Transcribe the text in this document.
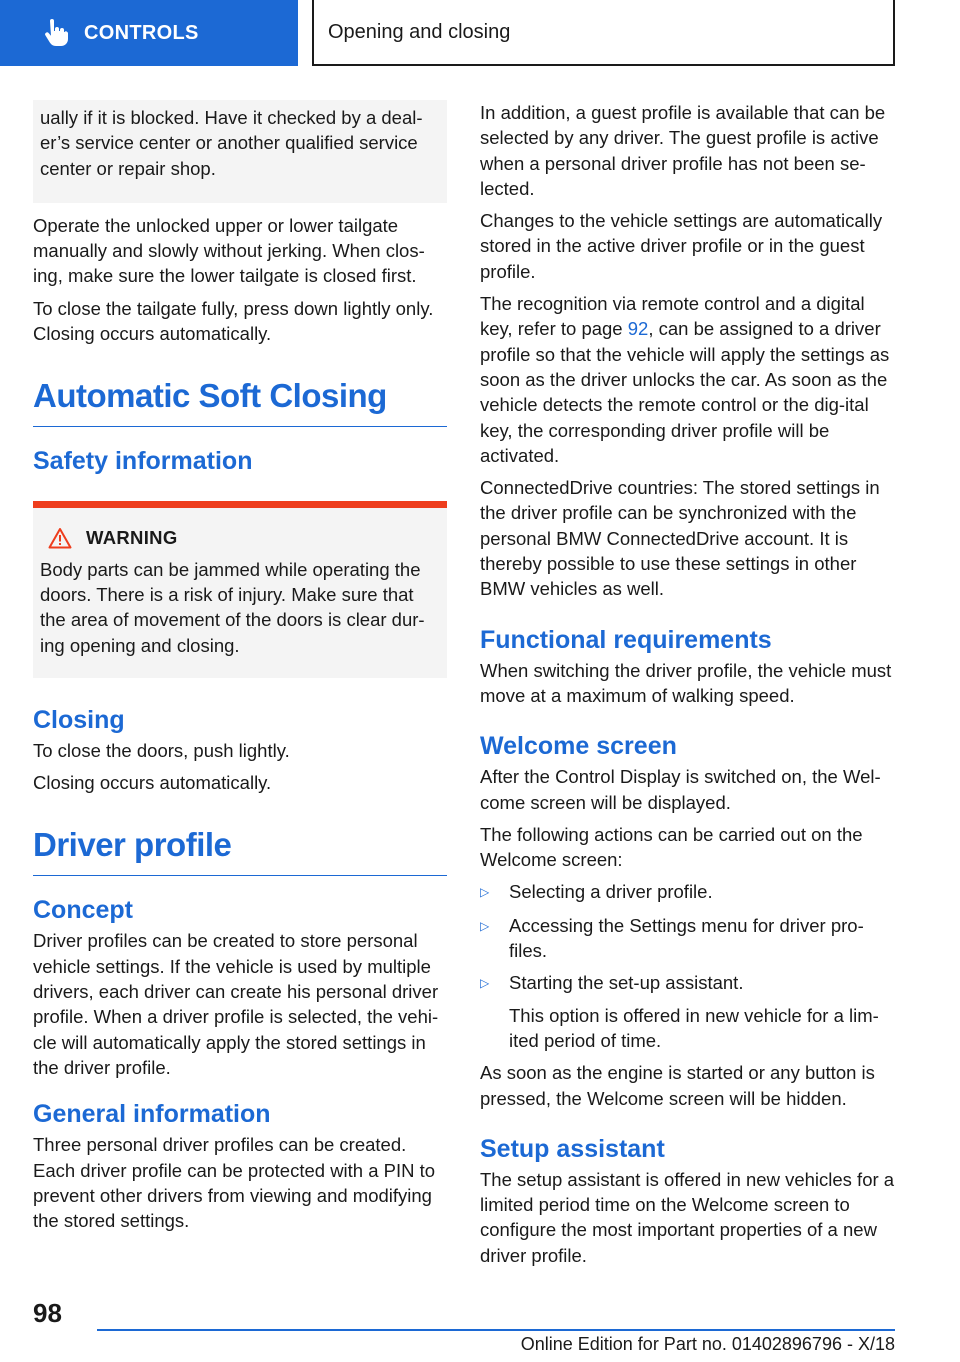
CONTROLS	Opening and closing

ually if it is blocked. Have it checked by a deal‐er’s service center or another qualified service center or repair shop.

Operate the unlocked upper or lower tailgate manually and slowly without jerking. When clos‐ing, make sure the lower tailgate is closed first.

To close the tailgate fully, press down lightly only. Closing occurs automatically.

Automatic Soft Closing
Safety information
WARNING

Body parts can be jammed while operating the doors. There is a risk of injury. Make sure that the area of movement of the doors is clear dur‐ing opening and closing.

Closing

To close the doors, push lightly.

Closing occurs automatically.

Driver profile
Concept

Driver profiles can be created to store personal vehicle settings. If the vehicle is used by multiple drivers, each driver can create his personal driver profile. When a driver profile is selected, the vehi‐cle will automatically apply the stored settings in the driver profile.

General information

Three personal driver profiles can be created. Each driver profile can be protected with a PIN to prevent other drivers from viewing and modifying the stored settings.

In addition, a guest profile is available that can be selected by any driver. The guest profile is active when a personal driver profile has not been se‐lected.

Changes to the vehicle settings are automatically stored in the active driver profile or in the guest profile.

The recognition via remote control and a digital key, refer to page 92, can be assigned to a driver profile so that the vehicle will apply the settings as soon as the driver unlocks the car. As soon as the vehicle detects the remote control or the dig‐ital key, the corresponding driver profile will be activated.

ConnectedDrive countries: The stored settings in the driver profile can be synchronized with the personal BMW ConnectedDrive account. It is thereby possible to use these settings in other BMW vehicles as well.

Functional requirements

When switching the driver profile, the vehicle must move at a maximum of walking speed.

Welcome screen

After the Control Display is switched on, the Wel‐come screen will be displayed.

The following actions can be carried out on the Welcome screen:

▷	Selecting a driver profile.

▷	Accessing the Settings menu for driver pro‐files.

▷	Starting the set-up assistant.

This option is offered in new vehicle for a lim‐ited period of time.

As soon as the engine is started or any button is pressed, the Welcome screen will be hidden.

Setup assistant

The setup assistant is offered in new vehicles for a limited period time on the Welcome screen to configure the most important properties of a new driver profile.

98
Online Edition for Part no. 01402896796 - X/18
